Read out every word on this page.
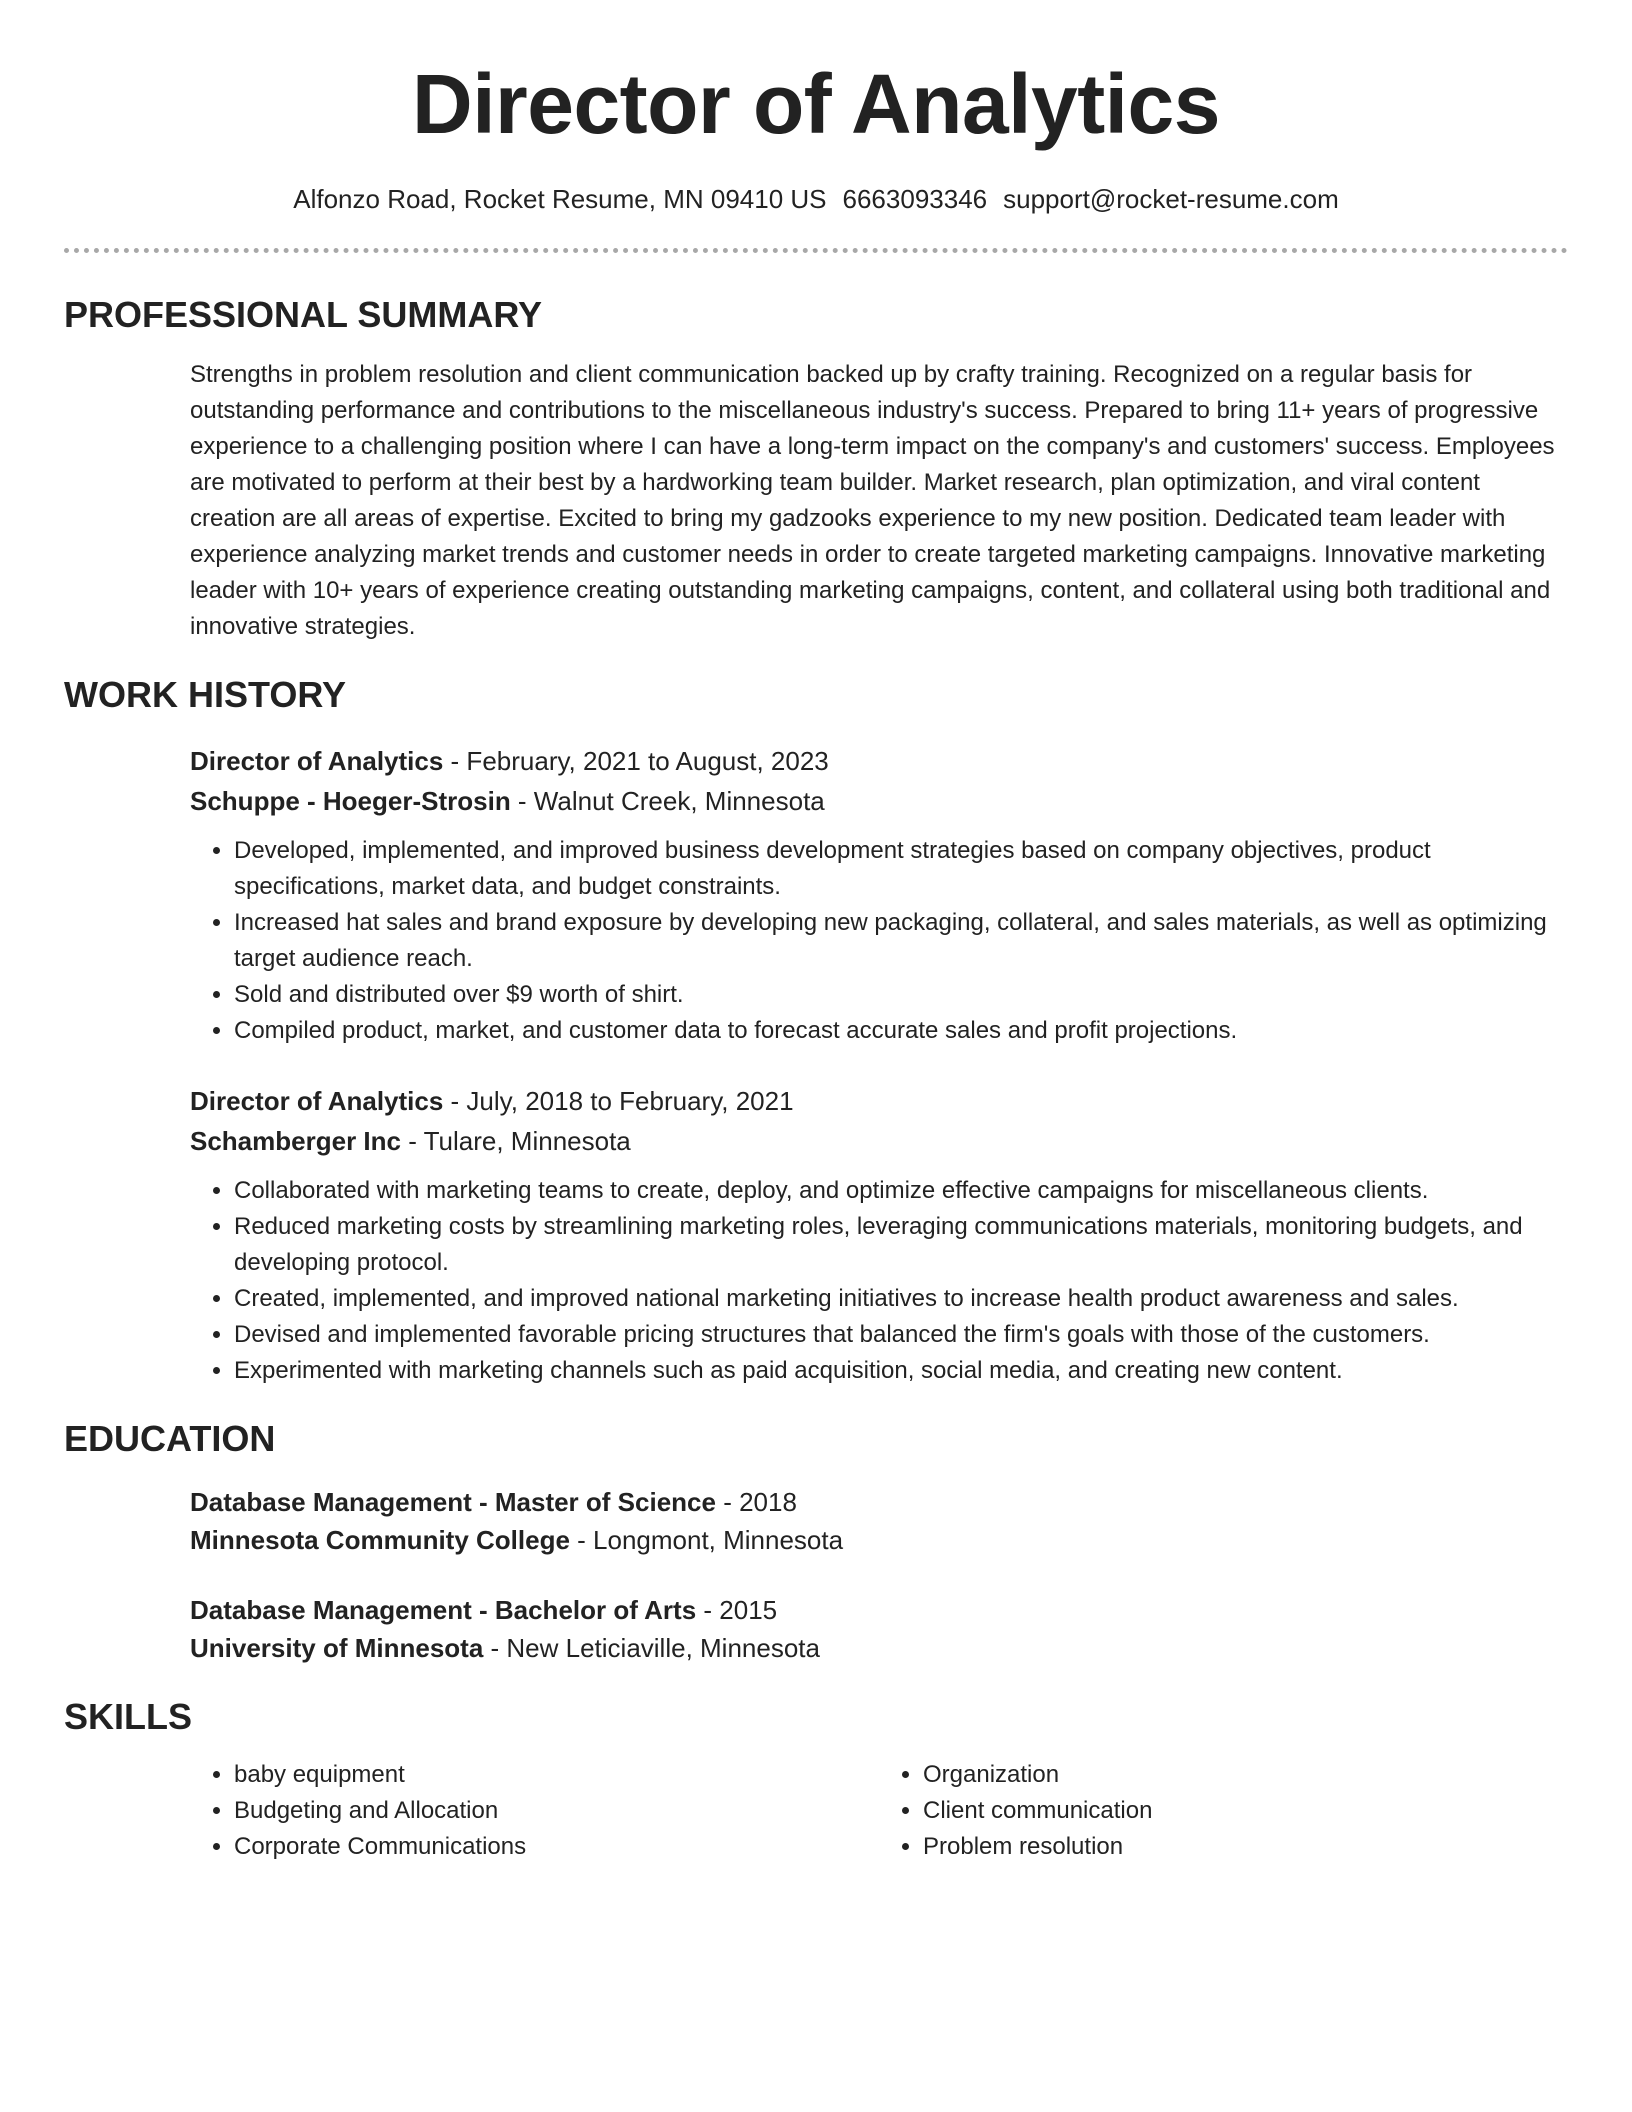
Director of Analytics
Alfonzo Road, Rocket Resume, MN 09410 US 6663093346 support@rocket-resume.com
PROFESSIONAL SUMMARY
Strengths in problem resolution and client communication backed up by crafty training. Recognized on a regular basis for outstanding performance and contributions to the miscellaneous industry's success. Prepared to bring 11+ years of progressive experience to a challenging position where I can have a long-term impact on the company's and customers' success. Employees are motivated to perform at their best by a hardworking team builder. Market research, plan optimization, and viral content creation are all areas of expertise. Excited to bring my gadzooks experience to my new position. Dedicated team leader with experience analyzing market trends and customer needs in order to create targeted marketing campaigns. Innovative marketing leader with 10+ years of experience creating outstanding marketing campaigns, content, and collateral using both traditional and innovative strategies.
WORK HISTORY
Director of Analytics - February, 2021 to August, 2023
Schuppe - Hoeger-Strosin - Walnut Creek, Minnesota
• Developed, implemented, and improved business development strategies based on company objectives, product specifications, market data, and budget constraints.
• Increased hat sales and brand exposure by developing new packaging, collateral, and sales materials, as well as optimizing target audience reach.
• Sold and distributed over $9 worth of shirt.
• Compiled product, market, and customer data to forecast accurate sales and profit projections.
Director of Analytics - July, 2018 to February, 2021
Schamberger Inc - Tulare, Minnesota
• Collaborated with marketing teams to create, deploy, and optimize effective campaigns for miscellaneous clients.
• Reduced marketing costs by streamlining marketing roles, leveraging communications materials, monitoring budgets, and developing protocol.
• Created, implemented, and improved national marketing initiatives to increase health product awareness and sales.
• Devised and implemented favorable pricing structures that balanced the firm's goals with those of the customers.
• Experimented with marketing channels such as paid acquisition, social media, and creating new content.
EDUCATION
Database Management - Master of Science - 2018
Minnesota Community College - Longmont, Minnesota
Database Management - Bachelor of Arts - 2015
University of Minnesota - New Leticiaville, Minnesota
SKILLS
• baby equipment
• Budgeting and Allocation
• Corporate Communications
• Organization
• Client communication
• Problem resolution
